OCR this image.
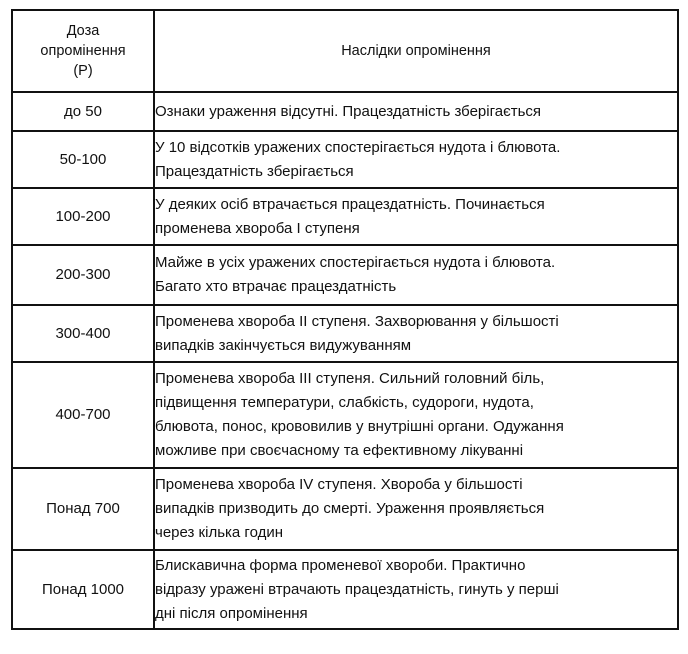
Доза
опромінення
(Р)	Наслідки опромінення
до 50	Ознаки ураження відсутні. Працездатність зберігається

50-100	У 10 відсотків уражених спостерігається нудота і блювота.
Працездатність зберігається

100-200	У деяких осіб втрачається працездатність. Починається
променева хвороба I ступеня

200-300	Майже в усіх уражених спостерігається нудота і блювота.
Багато хто втрачає працездатність

300-400	Променева хвороба II ступеня. Захворювання у більшості
випадків закінчується видужуванням

400-700	Променева хвороба III ступеня. Сильний головний біль,
підвищення температури, слабкість, судороги, нудота,
блювота, понос, крововилив у внутрішні органи. Одужання
можливе при своєчасному та ефективному лікуванні

Понад 700	Променева хвороба IV ступеня. Хвороба у більшості
випадків призводить до смерті. Ураження проявляється
через кілька годин

Понад 1000	Блискавична форма променевої хвороби. Практично
відразу уражені втрачають працездатність, гинуть у перші
дні після опромінення
